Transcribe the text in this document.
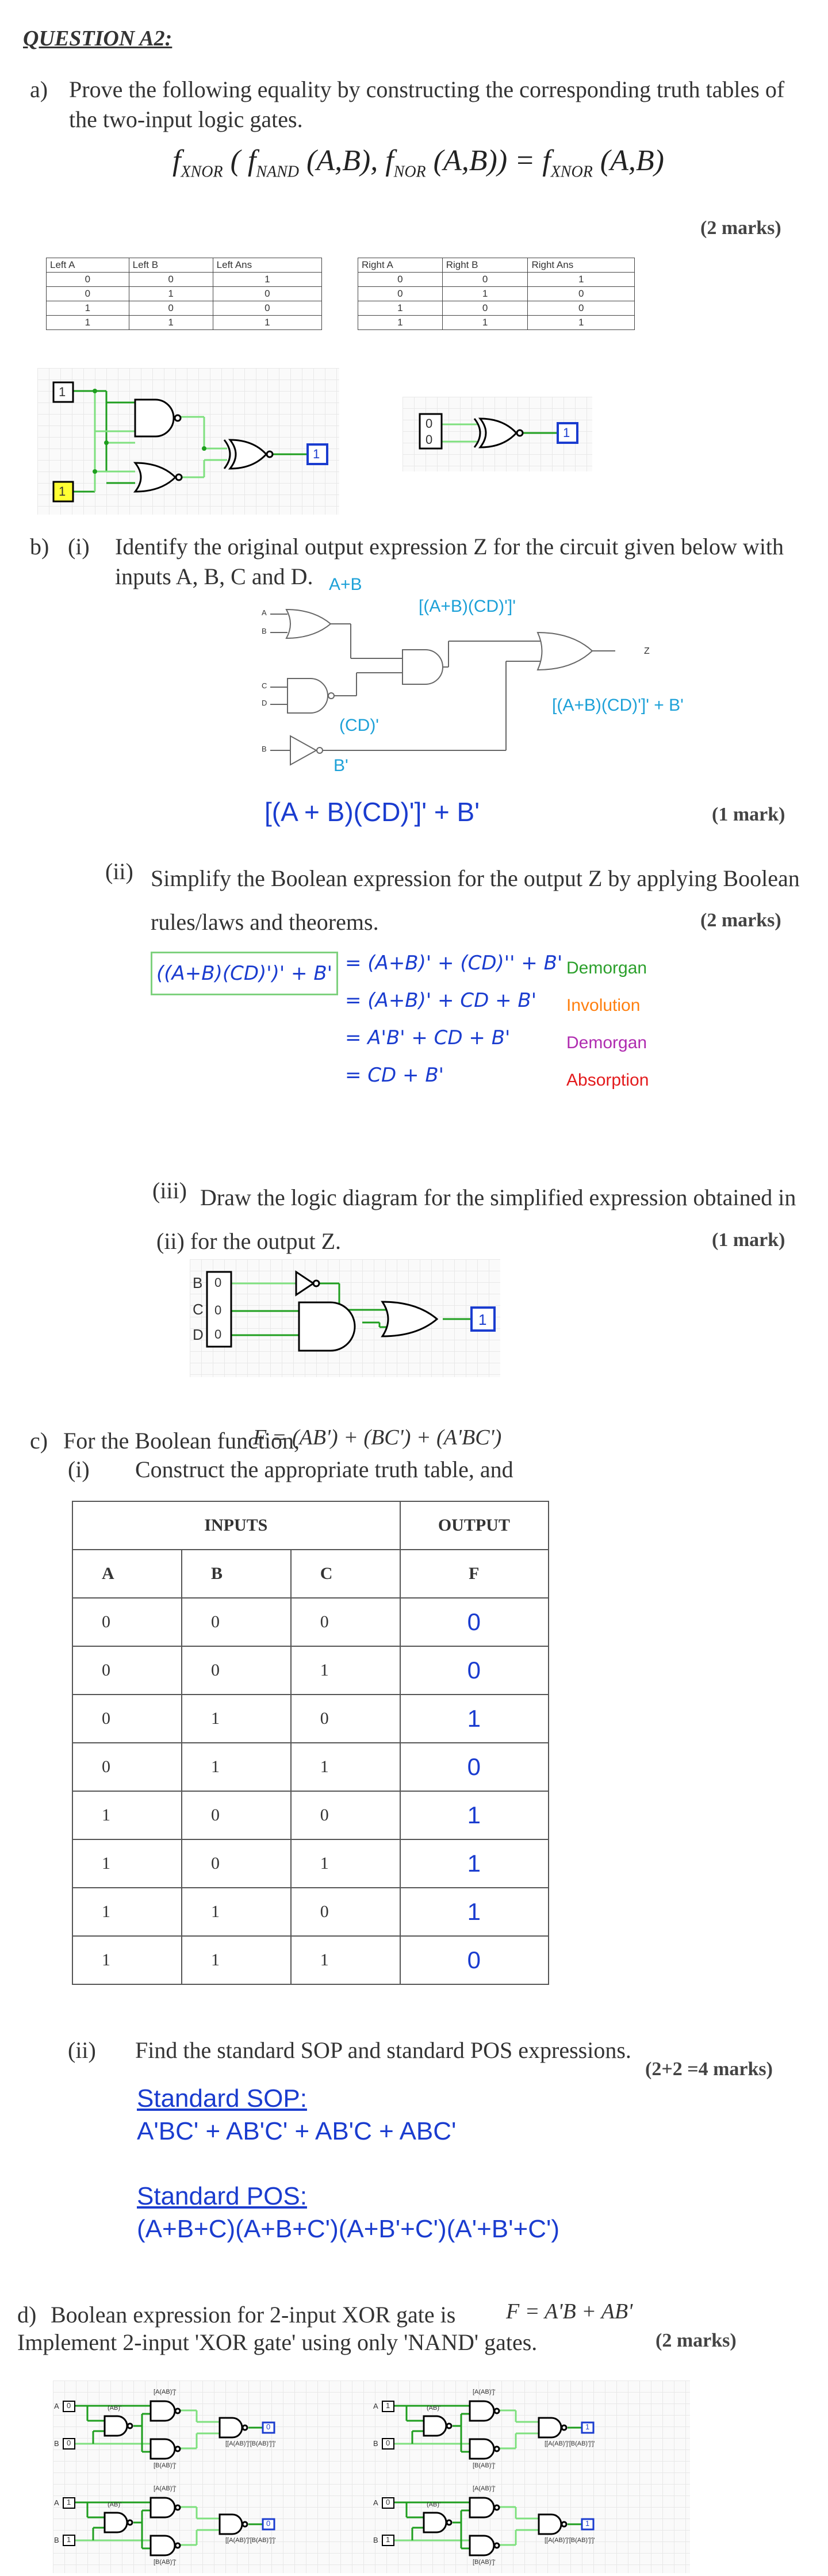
QUESTION A2:
a) Prove the following equality by constructing the corresponding truth tables of the two-input logic gates.
$f_{XNOR}$ ( $f_{NAND}$ (A,B), $f_{NOR}$ $(A,B)) = f_{XNOR}$ (A,B)
(2 marks)
Left A	Left B	Left Ans
0	0	1
0	1	0
1	0	0
1	1	1
Right A	Right B	Right Ans
0	0	1
0	1	0
1	0	0
1	1	1
1
1
1
0
0	1
b) (i) Identify the original output expression Z for the circuit given below with inputs A, B, C and D.
A
B
C
D
B
Z
A+B
[(A+B)(CD)']'
(CD)'
B'
[(A+B)(CD)']' + B'
[(A + B)(CD)']' + B'	(1 mark)
(ii) Simplify the Boolean expression for the output Z by applying Boolean rules/laws and theorems.	(2 marks)
((A+B)(CD)')' + B' = (A+B)' + (CD)'' + B' Demorgan
= (A+B)' + CD + B' Involution
= A'B' + CD + B'	Demorgan
= CD + B'	Absorption
(iii) Draw the logic diagram for the simplified expression obtained in (ii) for the output Z.	(1 mark)
B
C
D
0
0
0
1
c) For the Boolean function,
F = (AB') + (BC') + (A'BC')
(i) Construct the appropriate truth table, and
INPUTS			OUTPUT
A	B	C	F
0	0	0	0
0	0	1	0
0	1	0	1
0	1	1	0
1	0	0	1
1	0	1	1
1	1	0	1
1	1	1	0
(ii) Find the standard SOP and standard POS expressions.
(2+2 =4 marks)
Standard SOP:
A'BC' + AB'C' + AB'C + ABC'
Standard POS:
(A+B+C)(A+B+C')(A+B'+C')(A'+B'+C')
d) Boolean expression for 2-input XOR gate is F = A'B + AB'
Implement 2-input 'XOR gate' using only 'NAND' gates.	(2 marks)
A
B
0
0
0
[A(AB)']'
(AB)'
[B(AB)']'
[[A(AB)']'[B(AB)']']'
A
B
1
0
1
[A(AB)']'
(AB)'
[B(AB)']'
[[A(AB)']'[B(AB)']']'
A
B
1
1
0
[A(AB)']'
(AB)'
[B(AB)']'
[[A(AB)']'[B(AB)']']'
A
B
0
1
1
[A(AB)']'
(AB)'
[B(AB)']'
[[A(AB)']'[B(AB)']']'
